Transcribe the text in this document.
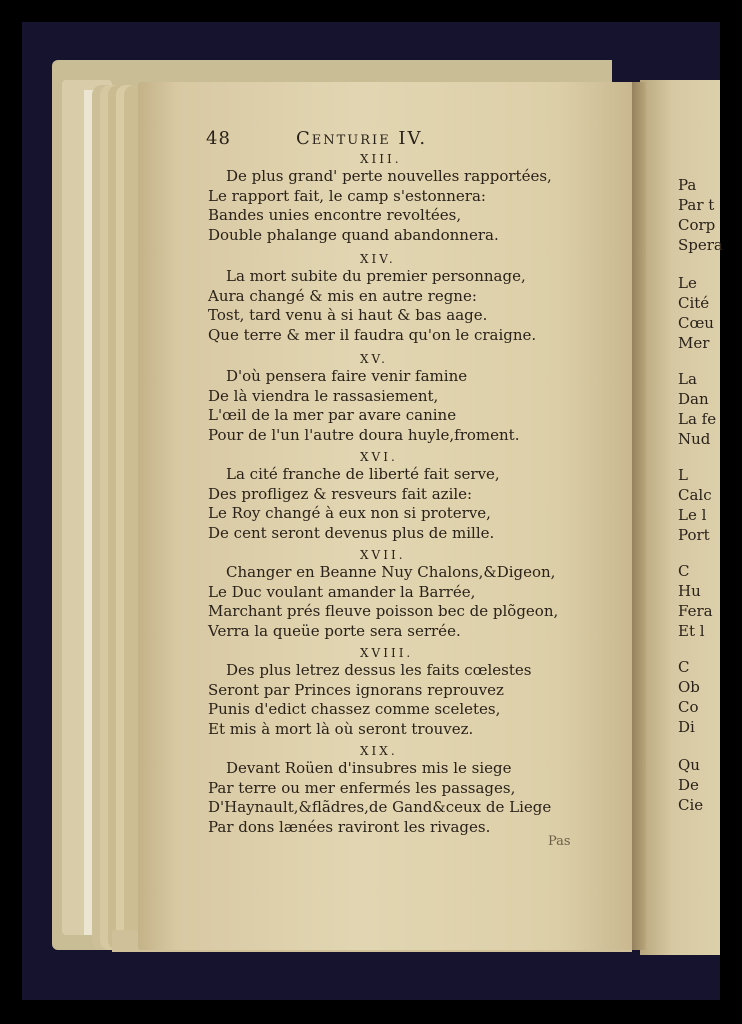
48	Centurie IV.
XIII.
De plus grand' perte nouvelles rapportées,
Le rapport fait, le camp s'estonnera:
Bandes unies encontre revoltées,
Double phalange quand abandonnera.
XIV.
La mort subite du premier personnage,
Aura changé & mis en autre regne:
Tost, tard venu à si haut & bas aage.
Que terre & mer il faudra qu'on le craigne.
XV.
D'où pensera faire venir famine
De là viendra le rassasiement,
L'œil de la mer par avare canine
Pour de l'un l'autre doura huyle,froment.
XVI.
La cité franche de liberté fait serve,
Des profligez & resveurs fait azile:
Le Roy changé à eux non si proterve,
De cent seront devenus plus de mille.
XVII.
Changer en Beanne Nuy Chalons,&Digeon,
Le Duc voulant amander la Barrée,
Marchant prés fleuve poisson bec de plõgeon,
Verra la queüe porte sera serrée.
XVIII.
Des plus letrez dessus les faits cœlestes
Seront par Princes ignorans reprouvez
Punis d'edict chassez comme sceletes,
Et mis à mort là où seront trouvez.
XIX.
Devant Roüen d'insubres mis le siege
Par terre ou mer enfermés les passages,
D'Haynault,&flãdres,de Gand&ceux de Liege
Par dons lænées raviront les rivages.
Pas
Pa
Par t
Corp
Spera
Le
Cité
Cœu
Mer
La
Dan
La fe
Nud
L
Calc
Le l
Port
C
Hu
Fera
Et l
C
Ob
Co
Di
Qu
De
Cie
